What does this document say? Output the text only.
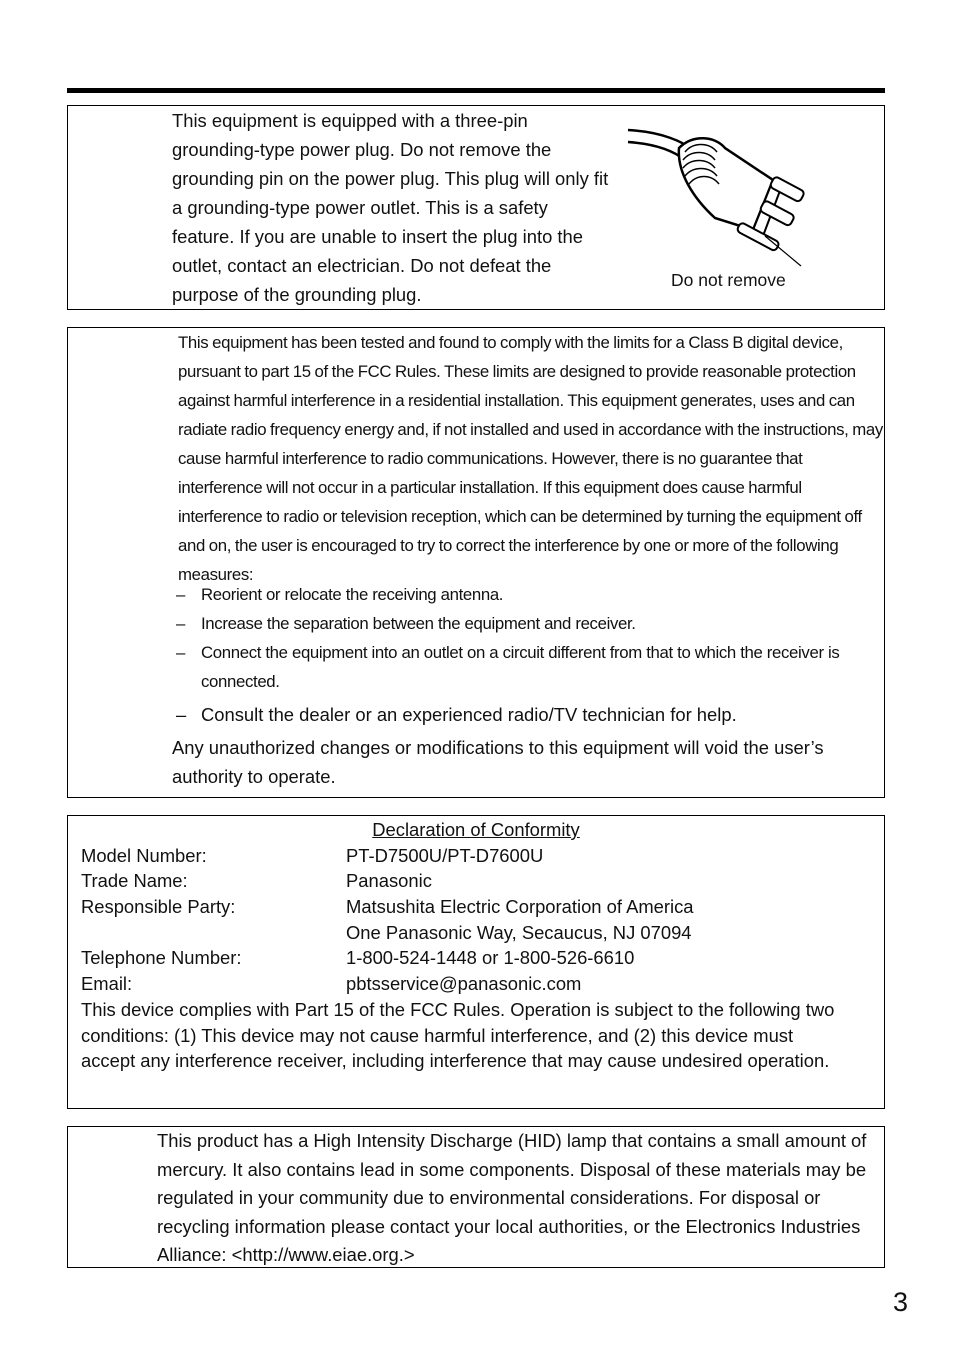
This equipment is equipped with a three-pin grounding-type power plug. Do not remove the grounding pin on the power plug. This plug will only fit a grounding-type power outlet. This is a safety feature. If you are unable to insert the plug into the outlet, contact an electrician. Do not defeat the purpose of the grounding plug.
Do not remove
This equipment has been tested and found to comply with the limits for a Class B digital device, pursuant to part 15 of the FCC Rules. These limits are designed to provide reasonable protection against harmful interference in a residential installation. This equipment generates, uses and can radiate radio frequency energy and, if not installed and used in accordance with the instructions, may cause harmful interference to radio communications. However, there is no guarantee that interference will not occur in a particular installation. If this equipment does cause harmful interference to radio or television reception, which can be determined by turning the equipment off and on, the user is encouraged to try to correct the interference by one or more of the following measures:
– Reorient or relocate the receiving antenna.
– Increase the separation between the equipment and receiver.
– Connect the equipment into an outlet on a circuit different from that to which the receiver is connected.
– Consult the dealer or an experienced radio/TV technician for help.
Any unauthorized changes or modifications to this equipment will void the user’s authority to operate.
Declaration of Conformity
Model Number:	PT-D7500U/PT-D7600U
Trade Name:	Panasonic
Responsible Party:	Matsushita Electric Corporation of America
One Panasonic Way, Secaucus, NJ 07094
Telephone Number:	1-800-524-1448 or 1-800-526-6610
Email:	pbtsservice@panasonic.com
This device complies with Part 15 of the FCC Rules. Operation is subject to the following two conditions: (1) This device may not cause harmful interference, and (2) this device must accept any interference receiver, including interference that may cause undesired operation.
This product has a High Intensity Discharge (HID) lamp that contains a small amount of mercury. It also contains lead in some components. Disposal of these materials may be regulated in your community due to environmental considerations. For disposal or recycling information please contact your local authorities, or the Electronics Industries Alliance: <http://www.eiae.org.>
3
